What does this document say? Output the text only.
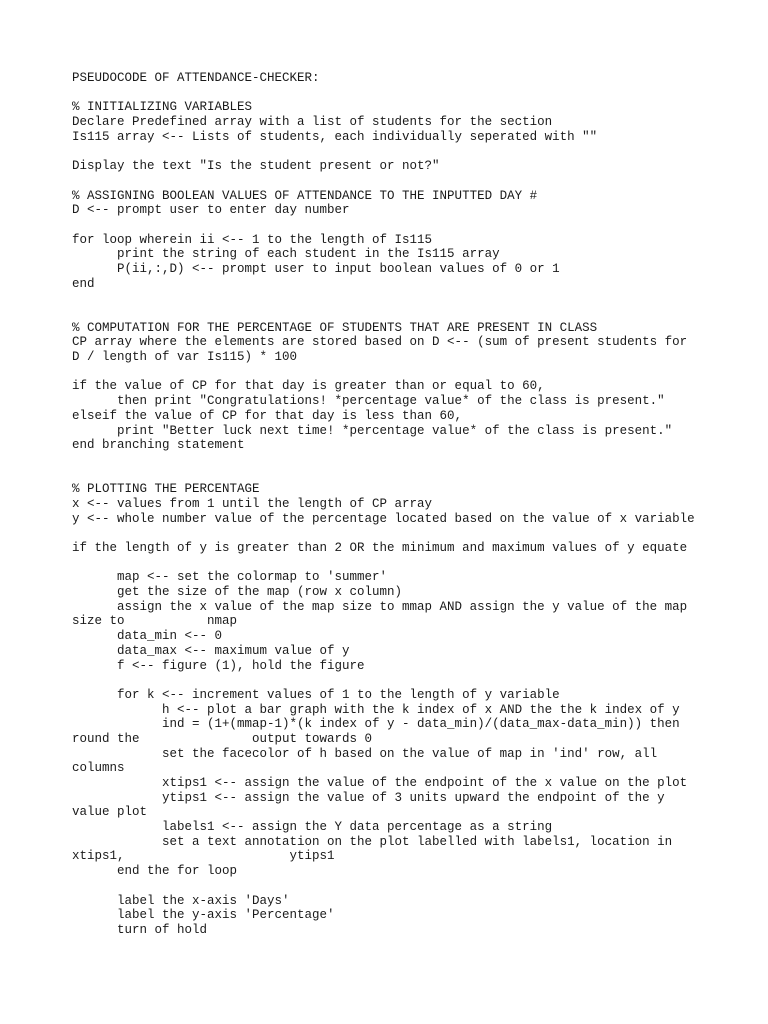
PSEUDOCODE OF ATTENDANCE-CHECKER:
% INITIALIZING VARIABLES
Declare Predefined array with a list of students for the section
Is115 array <-- Lists of students, each individually seperated with ""
Display the text "Is the student present or not?"
% ASSIGNING BOOLEAN VALUES OF ATTENDANCE TO THE INPUTTED DAY #
D <-- prompt user to enter day number
for loop wherein ii <-- 1 to the length of Is115
print the string of each student in the Is115 array
P(ii,:,D) <-- prompt user to input boolean values of 0 or 1
end
% COMPUTATION FOR THE PERCENTAGE OF STUDENTS THAT ARE PRESENT IN CLASS
CP array where the elements are stored based on D <-- (sum of present students for
D / length of var Is115) * 100
if the value of CP for that day is greater than or equal to 60,
then print "Congratulations! *percentage value* of the class is present."
elseif the value of CP for that day is less than 60,
print "Better luck next time! *percentage value* of the class is present."
end branching statement
% PLOTTING THE PERCENTAGE
x <-- values from 1 until the length of CP array
y <-- whole number value of the percentage located based on the value of x variable
if the length of y is greater than 2 OR the minimum and maximum values of y equate
map <-- set the colormap to 'summer'
get the size of the map (row x column)
assign the x value of the map size to mmap AND assign the y value of the map
size to           nmap
data_min <-- 0
data_max <-- maximum value of y
f <-- figure (1), hold the figure
for k <-- increment values of 1 to the length of y variable
h <-- plot a bar graph with the k index of x AND the the k index of y
ind = (1+(mmap-1)*(k index of y - data_min)/(data_max-data_min)) then
round the               output towards 0
set the facecolor of h based on the value of map in 'ind' row, all
columns
xtips1 <-- assign the value of the endpoint of the x value on the plot
ytips1 <-- assign the value of 3 units upward the endpoint of the y
value plot
labels1 <-- assign the Y data percentage as a string
set a text annotation on the plot labelled with labels1, location in
xtips1,                      ytips1
end the for loop
label the x-axis 'Days'
label the y-axis 'Percentage'
turn of hold
